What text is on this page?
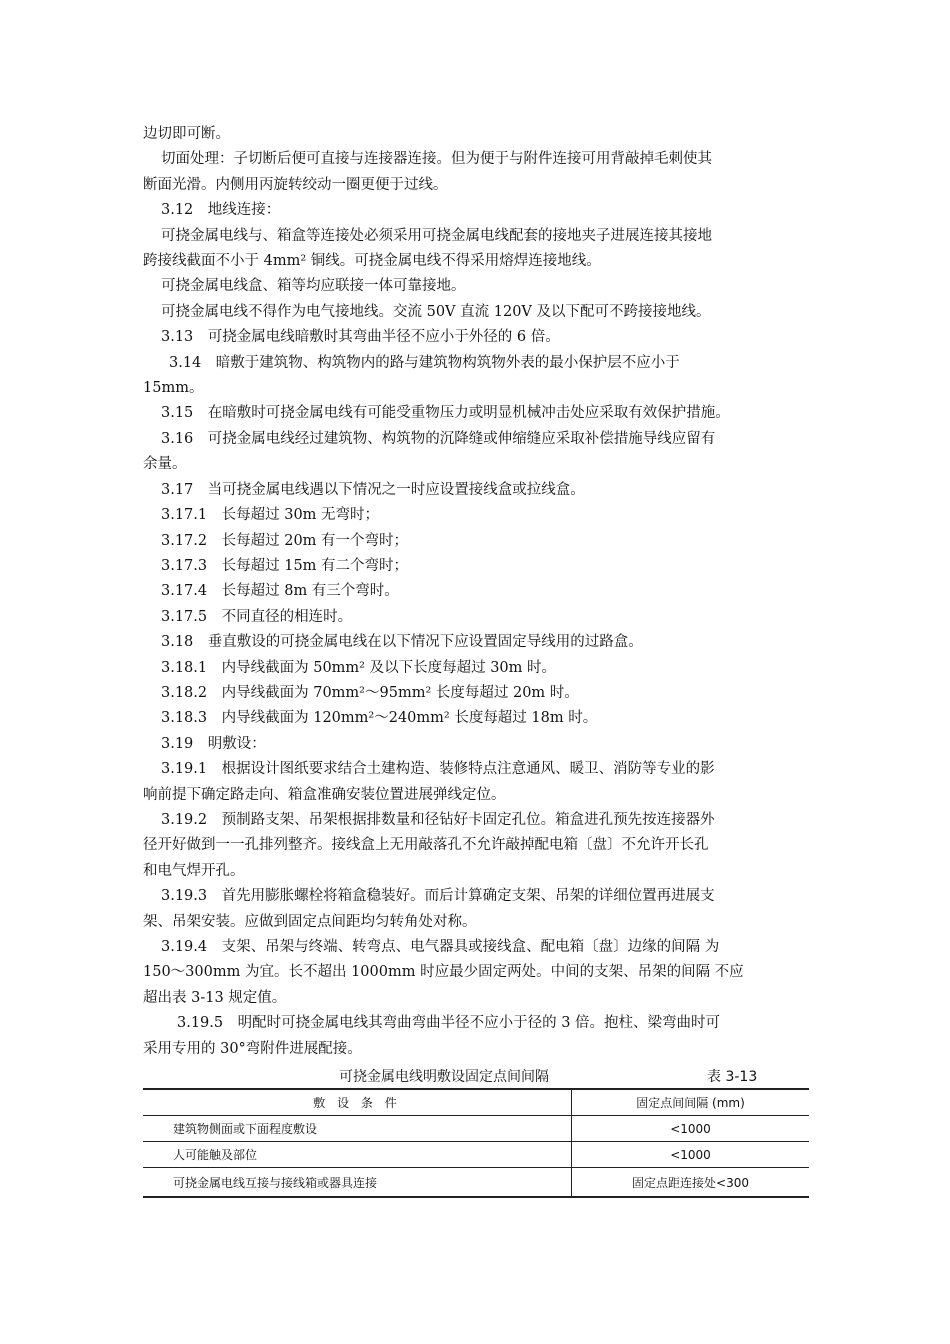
边切即可断。
切面处理：子切断后便可直接与连接器连接。但为便于与附件连接可用背敲掉毛刺使其
断面光滑。内侧用丙旋转绞动一圈更便于过线。
3.12　地线连接：
可挠金属电线与、箱盒等连接处必须采用可挠金属电线配套的接地夹子进展连接其接地
跨接线截面不小于 4mm² 铜线。可挠金属电线不得采用熔焊连接地线。
可挠金属电线盒、箱等均应联接一体可靠接地。
可挠金属电线不得作为电气接地线。交流 50V 直流 120V 及以下配可不跨接接地线。
3.13　可挠金属电线暗敷时其弯曲半径不应小于外径的 6 倍。
3.14　暗敷于建筑物、构筑物内的路与建筑物构筑物外表的最小保护层不应小于
15mm。
3.15　在暗敷时可挠金属电线有可能受重物压力或明显机械冲击处应采取有效保护措施。
3.16　可挠金属电线经过建筑物、构筑物的沉降缝或伸缩缝应采取补偿措施导线应留有
余量。
3.17　当可挠金属电线遇以下情况之一时应设置接线盒或拉线盒。
3.17.1　长每超过 30m 无弯时；
3.17.2　长每超过 20m 有一个弯时；
3.17.3　长每超过 15m 有二个弯时；
3.17.4　长每超过 8m 有三个弯时。
3.17.5　不同直径的相连时。
3.18　垂直敷设的可挠金属电线在以下情况下应设置固定导线用的过路盒。
3.18.1　内导线截面为 50mm² 及以下长度每超过 30m 时。
3.18.2　内导线截面为 70mm²～95mm² 长度每超过 20m 时。
3.18.3　内导线截面为 120mm²～240mm² 长度每超过 18m 时。
3.19　明敷设：
3.19.1　根据设计图纸要求结合土建构造、装修特点注意通风、暖卫、消防等专业的影
响前提下确定路走向、箱盒准确安装位置进展弹线定位。
3.19.2　预制路支架、吊架根据排数量和径钻好卡固定孔位。箱盒进孔预先按连接器外
径开好做到一一孔排列整齐。接线盒上无用敲落孔不允许敲掉配电箱〔盘〕不允许开长孔
和电气焊开孔。
3.19.3　首先用膨胀螺栓将箱盒稳装好。而后计算确定支架、吊架的详细位置再进展支
架、吊架安装。应做到固定点间距均匀转角处对称。
3.19.4　支架、吊架与终端、转弯点、电气器具或接线盒、配电箱〔盘〕边缘的间隔 为
150～300mm 为宜。长不超出 1000mm 时应最少固定两处。中间的支架、吊架的间隔 不应
超出表 3-13 规定值。
3.19.5　明配时可挠金属电线其弯曲弯曲半径不应小于径的 3 倍。抱柱、梁弯曲时可
采用专用的 30°弯附件进展配接。
可挠金属电线明敷设固定点间间隔	表 3-13
敷 设 条 件	固定点间间隔 (mm)
建筑物侧面或下面程度敷设	<1000
人可能触及部位	<1000
可挠金属电线互接与接线箱或器具连接	固定点距连接处<300
